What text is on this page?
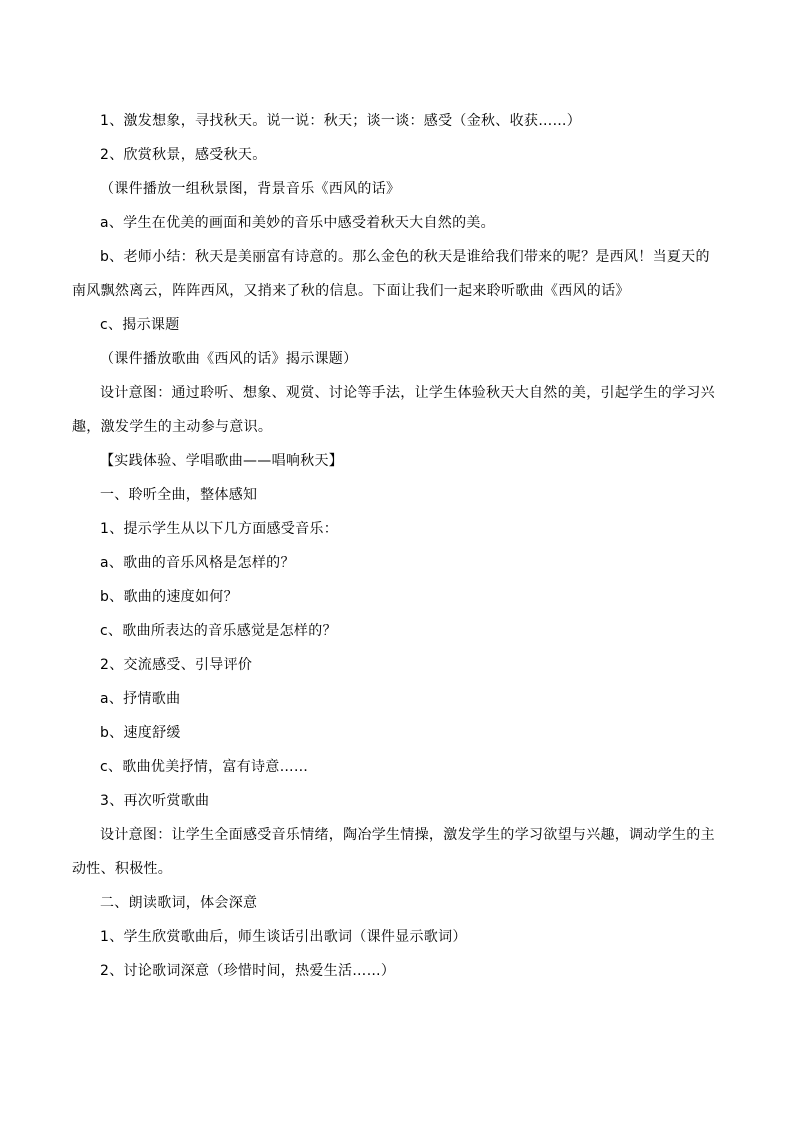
1、激发想象，寻找秋天。说一说：秋天；谈一谈：感受（金秋、收获……）

2、欣赏秋景，感受秋天。

（课件播放一组秋景图，背景音乐《西风的话》

a、学生在优美的画面和美妙的音乐中感受着秋天大自然的美。

b、老师小结：秋天是美丽富有诗意的。那么金色的秋天是谁给我们带来的呢？是西风！当夏天的南风飘然离云，阵阵西风，又捎来了秋的信息。下面让我们一起来聆听歌曲《西风的话》

c、揭示课题

（课件播放歌曲《西风的话》揭示课题）

设计意图：通过聆听、想象、观赏、讨论等手法，让学生体验秋天大自然的美，引起学生的学习兴趣，激发学生的主动参与意识。

【实践体验、学唱歌曲——唱响秋天】

一、聆听全曲，整体感知

1、提示学生从以下几方面感受音乐：

a、歌曲的音乐风格是怎样的？

b、歌曲的速度如何？

c、歌曲所表达的音乐感觉是怎样的？

2、交流感受、引导评价

a、抒情歌曲

b、速度舒缓

c、歌曲优美抒情，富有诗意……

3、再次听赏歌曲

设计意图：让学生全面感受音乐情绪，陶冶学生情操，激发学生的学习欲望与兴趣，调动学生的主动性、积极性。

二、朗读歌词，体会深意

1、学生欣赏歌曲后，师生谈话引出歌词（课件显示歌词）

2、讨论歌词深意（珍惜时间，热爱生活……）
